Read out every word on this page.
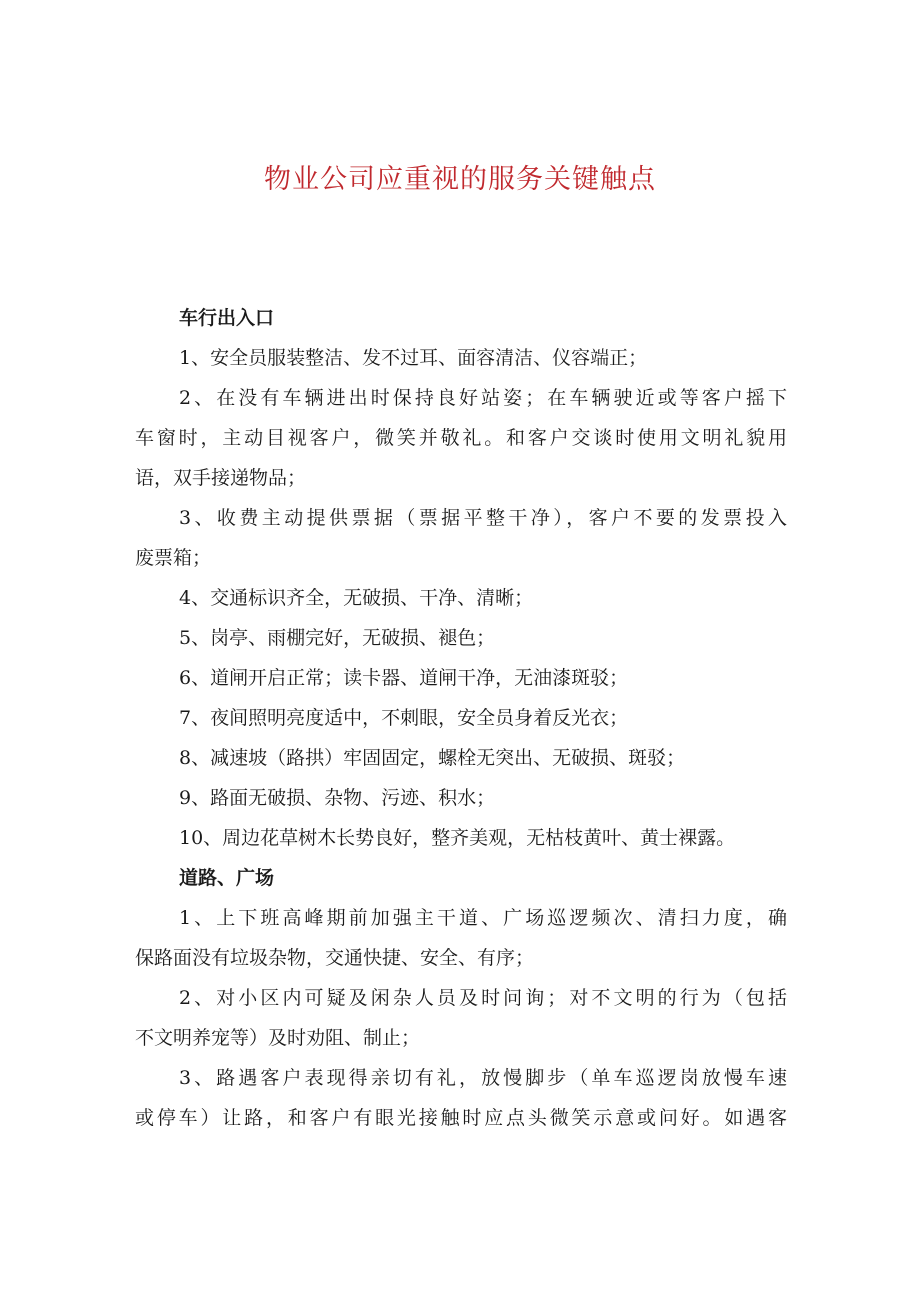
物业公司应重视的服务关键触点
车行出入口
1、安全员服装整洁、发不过耳、面容清洁、仪容端正；
2、在没有车辆进出时保持良好站姿；在车辆驶近或等客户摇下
车窗时，主动目视客户，微笑并敬礼。和客户交谈时使用文明礼貌用
语，双手接递物品；
3、收费主动提供票据（票据平整干净），客户不要的发票投入
废票箱；
4、交通标识齐全，无破损、干净、清晰；
5、岗亭、雨棚完好，无破损、褪色；
6、道闸开启正常；读卡器、道闸干净，无油漆斑驳；
7、夜间照明亮度适中，不刺眼，安全员身着反光衣；
8、减速坡（路拱）牢固固定，螺栓无突出、无破损、斑驳；
9、路面无破损、杂物、污迹、积水；
10、周边花草树木长势良好，整齐美观，无枯枝黄叶、黄士裸露。
道路、广场
1、上下班高峰期前加强主干道、广场巡逻频次、清扫力度，确
保路面没有垃圾杂物，交通快捷、安全、有序；
2、对小区内可疑及闲杂人员及时问询；对不文明的行为（包括
不文明养宠等）及时劝阻、制止；
3、路遇客户表现得亲切有礼，放慢脚步（单车巡逻岗放慢车速
或停车）让路，和客户有眼光接触时应点头微笑示意或问好。如遇客
